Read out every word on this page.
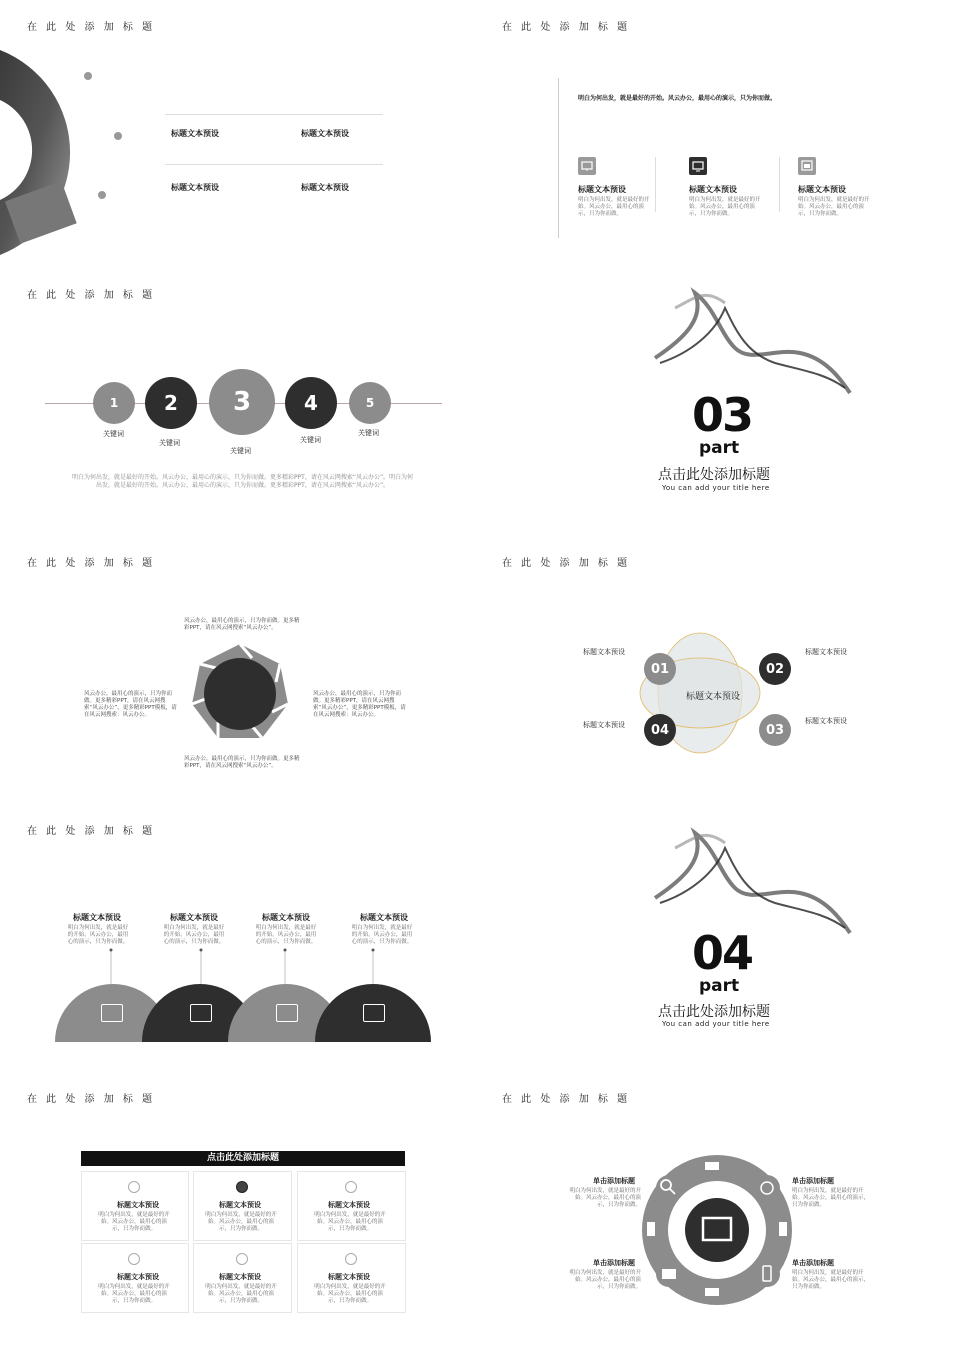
在 此 处 添 加 标 题
标题文本预设	标题文本预设
标题文本预设	标题文本预设
在 此 处 添 加 标 题
明白为何出发，就是最好的开始。风云办公，最用心的演示，只为你而做。
标题文本预设
明白为何出发，就是最好的开始。风云办公，最用心的演示，只为你而做。
标题文本预设
明白为何出发，就是最好的开始。风云办公，最用心的演示，只为你而做。
标题文本预设
明白为何出发，就是最好的开始。风云办公，最用心的演示，只为你而做。
在 此 处 添 加 标 题
1 2 3	4	5
关键词
关键词
关键词
关键词
关键词
明白为何出发，就是最好的开始。风云办公，最用心的演示，只为你而做。更多精彩PPT，请在风云网搜索“风云办公”。明白为何出发，就是最好的开始。风云办公，最用心的演示，只为你而做。更多精彩PPT，请在风云网搜索“风云办公”。
03
part
点击此处添加标题
You can add your title here
在 此 处 添 加 标 题
风云办公，最用心的演示，只为你而做。更多精彩PPT，请在风云网搜索“风云办公”。
风云办公，最用心的演示，只为你而做。更多精彩PPT，请在风云网搜索“风云办公”，更多精彩PPT模板，请在风云网搜索：风云办公。
风云办公，最用心的演示，只为你而做。更多精彩PPT，请在风云网搜索“风云办公”，更多精彩PPT模板，请在风云网搜索：风云办公。
风云办公，最用心的演示，只为你而做。更多精彩PPT，请在风云网搜索“风云办公”。
在 此 处 添 加 标 题
标题文本预设
01	02
03
04
标题文本预设	标题文本预设
标题文本预设	标题文本预设
在 此 处 添 加 标 题
标题文本预设
明白为何出发，就是最好的开始。风云办公，最用心的演示，只为你而做。
标题文本预设
明白为何出发，就是最好的开始。风云办公，最用心的演示，只为你而做。
标题文本预设
明白为何出发，就是最好的开始。风云办公，最用心的演示，只为你而做。
标题文本预设
明白为何出发，就是最好的开始。风云办公，最用心的演示，只为你而做。	04
part
点击此处添加标题
You can add your title here
在 此 处 添 加 标 题
点击此处添加标题
标题文本预设
明白为何出发，就是最好的开始。风云办公，最用心的演示，只为你而做。
标题文本预设
明白为何出发，就是最好的开始。风云办公，最用心的演示，只为你而做。
标题文本预设
明白为何出发，就是最好的开始。风云办公，最用心的演示，只为你而做。
标题文本预设
明白为何出发，就是最好的开始。风云办公，最用心的演示，只为你而做。
标题文本预设
明白为何出发，就是最好的开始。风云办公，最用心的演示，只为你而做。
标题文本预设
明白为何出发，就是最好的开始。风云办公，最用心的演示，只为你而做。
在 此 处 添 加 标 题
单击添加标题
明白为何出发，就是最好的开始。风云办公，最用心的演示，只为你而做。
单击添加标题
明白为何出发，就是最好的开始。风云办公，最用心的演示，只为你而做。
单击添加标题
明白为何出发，就是最好的开始。风云办公，最用心的演示，只为你而做。
单击添加标题
明白为何出发，就是最好的开始。风云办公，最用心的演示，只为你而做。
